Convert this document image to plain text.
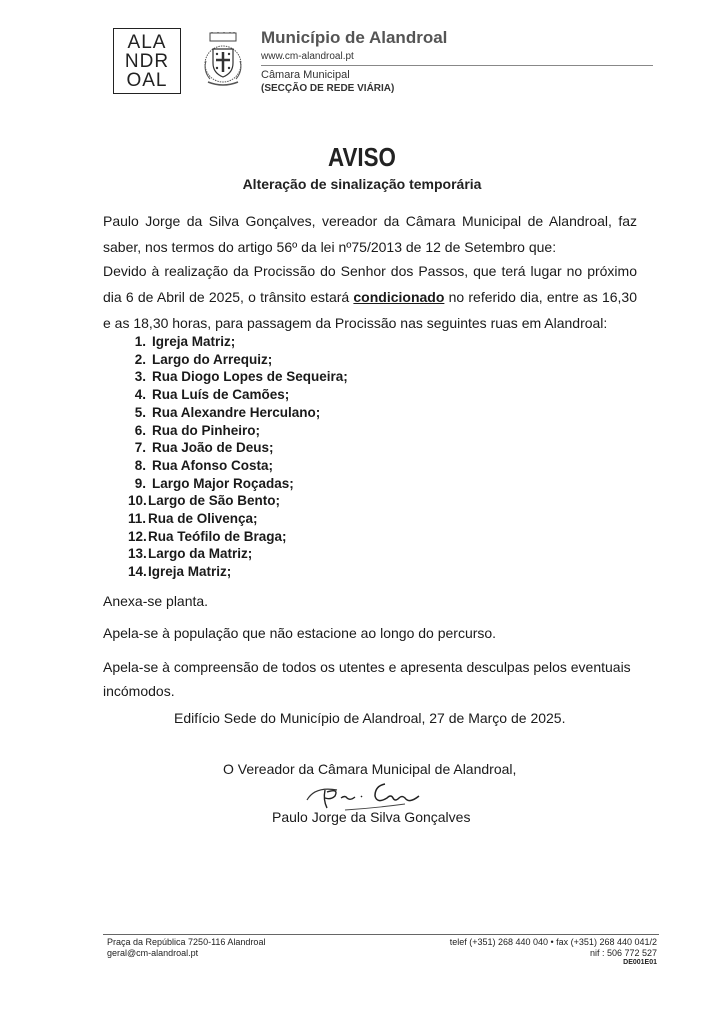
ALA
NDR
OAL
Município de Alandroal
www.cm-alandroal.pt
Câmara Municipal
(SECÇÃO DE REDE VIÁRIA)
AVISO
Alteração de sinalização temporária
Paulo Jorge da Silva Gonçalves, vereador da Câmara Municipal de Alandroal, faz saber, nos termos do artigo 56º da lei nº75/2013 de 12 de Setembro que:
Devido à realização da Procissão do Senhor dos Passos, que terá lugar no próximo dia 6 de Abril de 2025, o trânsito estará condicionado no referido dia, entre as 16,30 e as 18,30 horas, para passagem da Procissão nas seguintes ruas em Alandroal:
1. Igreja Matriz;
2. Largo do Arrequiz;
3. Rua Diogo Lopes de Sequeira;
4. Rua Luís de Camões;
5. Rua Alexandre Herculano;
6. Rua do Pinheiro;
7. Rua João de Deus;
8. Rua Afonso Costa;
9. Largo Major Roçadas;
10. Largo de São Bento;
11. Rua de Olivença;
12. Rua Teófilo de Braga;
13. Largo da Matriz;
14. Igreja Matriz;
Anexa-se planta.
Apela-se à população que não estacione ao longo do percurso.
Apela-se à compreensão de todos os utentes e apresenta desculpas pelos eventuais incómodos.
Edifício Sede do Município de Alandroal, 27 de Março de 2025.
O Vereador da Câmara Municipal de Alandroal,
Paulo Jorge da Silva Gonçalves
Praça da República 7250-116 Alandroal
geral@cm-alandroal.pt
telef (+351) 268 440 040 • fax (+351) 268 440 041/2
nif : 506 772 527
DE001E01
